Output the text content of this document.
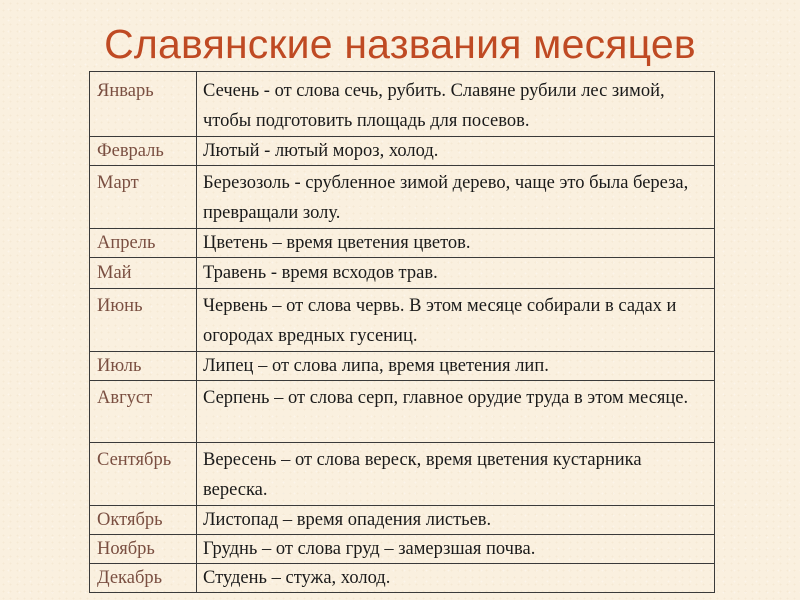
Славянские названия месяцев
Январь	Сечень - от слова сечь, рубить. Славяне рубили лес зимой, чтобы подготовить площадь для посевов.
Февраль	Лютый - лютый мороз, холод.
Март	Березозоль - срубленное зимой дерево, чаще это была береза, превращали золу.
Апрель	Цветень – время цветения цветов.
Май	Травень - время всходов трав.
Июнь	Червень – от слова червь. В этом месяце собирали в садах и огородах вредных гусениц.
Июль	Липец – от слова липа, время цветения лип.
Август	Серпень – от слова серп, главное орудие труда в этом месяце.
Сентябрь	Вересень – от слова вереск, время цветения кустарника вереска.
Октябрь	Листопад – время опадения листьев.
Ноябрь	Груднь – от слова груд – замерзшая почва.
Декабрь	Студень – стужа, холод.
